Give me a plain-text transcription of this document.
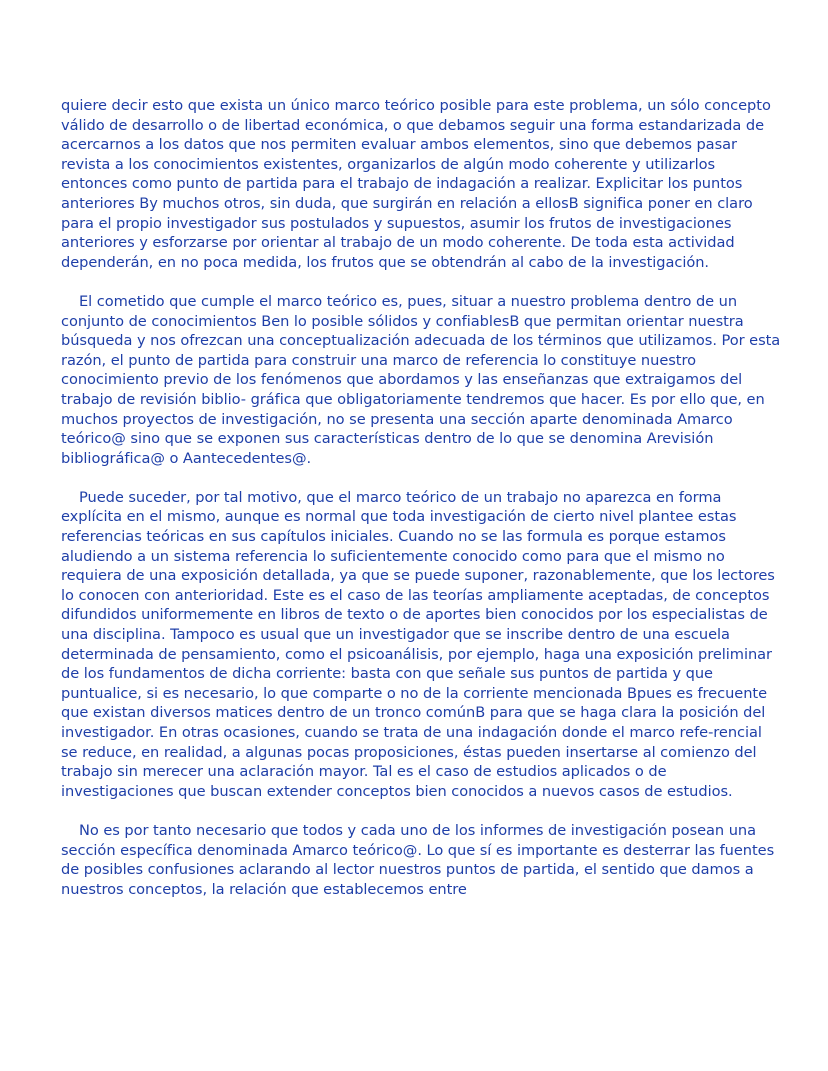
quiere decir esto que exista un único marco teórico posible para este problema, un sólo concepto válido de desarrollo o de libertad económica, o que debamos seguir una forma estandarizada de acercarnos a los datos que nos permiten evaluar ambos elementos, sino que debemos pasar revista a los conocimientos existentes, organizarlos de algún modo coherente y utilizarlos entonces como punto de partida para el trabajo de indagación a realizar. Explicitar los puntos anteriores By muchos otros, sin duda, que surgirán en relación a ellosB significa poner en claro para el propio investigador sus postulados y supuestos, asumir los frutos de investigaciones anteriores y esforzarse por orientar al trabajo de un modo coherente. De toda esta actividad dependerán, en no poca medida, los frutos que se obtendrán al cabo de la investigación.

El cometido que cumple el marco teórico es, pues, situar a nuestro problema dentro de un conjunto de conocimientos Ben lo posible sólidos y confiablesB que permitan orientar nuestra búsqueda y nos ofrezcan una conceptualización adecuada de los términos que utilizamos. Por esta razón, el punto de partida para construir una marco de referencia lo constituye nuestro conocimiento previo de los fenómenos que abordamos y las enseñanzas que extraigamos del trabajo de revisión biblio- gráfica que obligatoriamente tendremos que hacer. Es por ello que, en muchos proyectos de investigación, no se presenta una sección aparte denominada Amarco teórico@ sino que se exponen sus características dentro de lo que se denomina Arevisión bibliográfica@ o Aantecedentes@.

Puede suceder, por tal motivo, que el marco teórico de un trabajo no aparezca en forma explícita en el mismo, aunque es normal que toda investigación de cierto nivel plantee estas referencias teóricas en sus capítulos iniciales. Cuando no se las formula es porque estamos aludiendo a un sistema referencia lo suficientemente conocido como para que el mismo no requiera de una exposición detallada, ya que se puede suponer, razonablemente, que los lectores lo conocen con anterioridad. Este es el caso de las teorías ampliamente aceptadas, de conceptos difundidos uniformemente en libros de texto o de aportes bien conocidos por los especialistas de una disciplina. Tampoco es usual que un investigador que se inscribe dentro de una escuela determinada de pensamiento, como el psicoanálisis, por ejemplo, haga una exposición preliminar de los fundamentos de dicha corriente: basta con que señale sus puntos de partida y que puntualice, si es necesario, lo que comparte o no de la corriente mencionada Bpues es frecuente que existan diversos matices dentro de un tronco comúnB para que se haga clara la posición del investigador. En otras ocasiones, cuando se trata de una indagación donde el marco refe-rencial se reduce, en realidad, a algunas pocas proposiciones, éstas pueden insertarse al comienzo del trabajo sin merecer una aclaración mayor. Tal es el caso de estudios aplicados o de investigaciones que buscan extender conceptos bien conocidos a nuevos casos de estudios.

No es por tanto necesario que todos y cada uno de los informes de investigación posean una sección específica denominada Amarco teórico@. Lo que sí es importante es desterrar las fuentes de posibles confusiones aclarando al lector nuestros puntos de partida, el sentido que damos a nuestros conceptos, la relación que establecemos entre
